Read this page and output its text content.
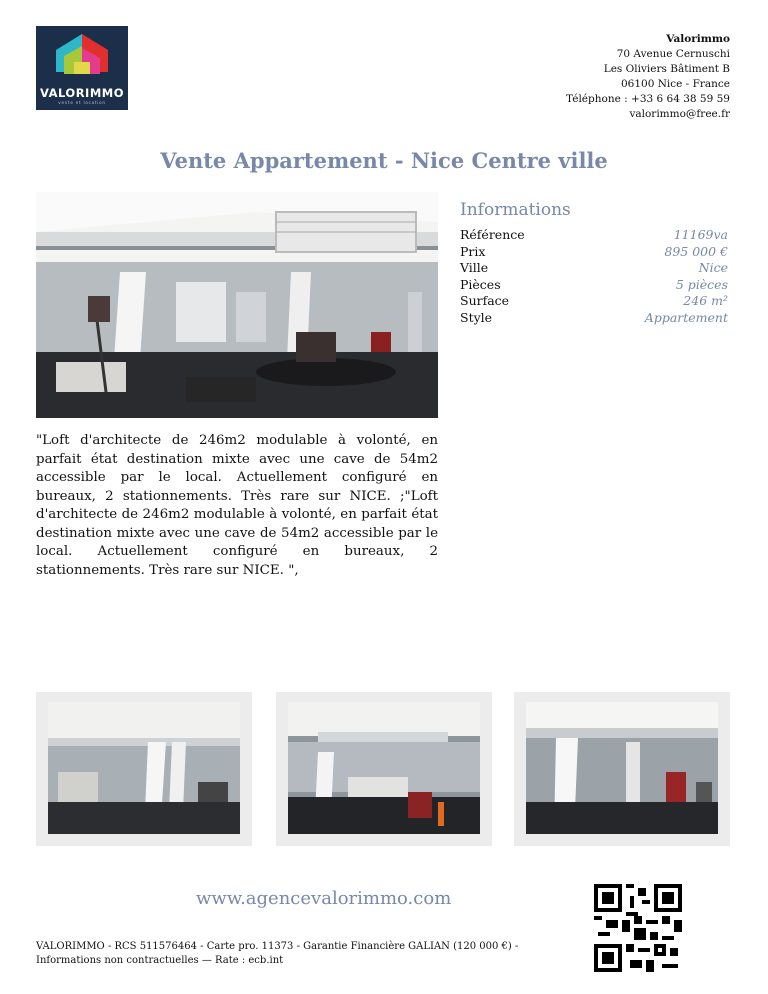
VALORIMMO
vente et location
Valorimmo
70 Avenue Cernuschi
Les Oliviers Bâtiment B
06100 Nice - France
Téléphone : +33 6 64 38 59 59
valorimmo@free.fr
Vente Appartement - Nice Centre ville
Informations
Référence	11169va
Prix	895 000 €
Ville	Nice
Pièces	5 pièces
Surface	246 m²
Style	Appartement
"Loft d'architecte de 246m2 modulable à volonté, en parfait état destination mixte avec une cave de 54m2 accessible par le local. Actuellement configuré en bureaux, 2 stationnements. Très rare sur NICE. ;"Loft d'architecte de 246m2 modulable à volonté, en parfait état destination mixte avec une cave de 54m2 accessible par le local. Actuellement configuré en bureaux, 2 stationnements. Très rare sur NICE. ",
www.agencevalorimmo.com
VALORIMMO - RCS 511576464 - Carte pro. 11373 - Garantie Financière GALIAN (120 000 €) -
Informations non contractuelles — Rate : ecb.int
